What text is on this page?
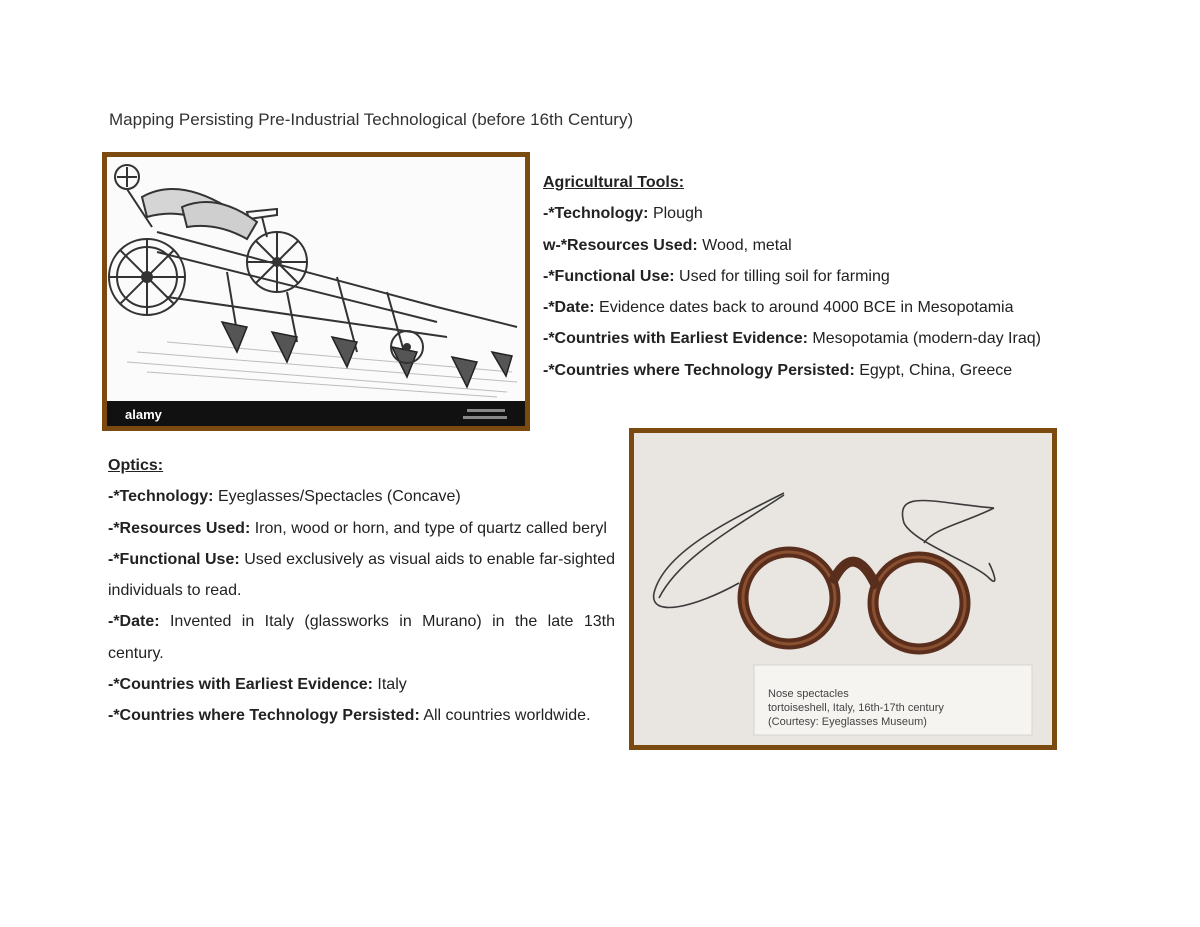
Mapping Persisting Pre-Industrial Technological (before 16th Century)
alamy

Agricultural Tools:

-*Technology: Plough

w-*Resources Used: Wood, metal

-*Functional Use: Used for tilling soil for farming

-*Date: Evidence dates back to around 4000 BCE in Mesopotamia

-*Countries with Earliest Evidence: Mesopotamia (modern-day Iraq)

-*Countries where Technology Persisted: Egypt, China, Greece

Nose spectacles
tortoiseshell, Italy, 16th-17th century
(Courtesy: Eyeglasses Museum)

Optics:

-*Technology: Eyeglasses/Spectacles (Concave)

-*Resources Used: Iron, wood or horn, and type of quartz called beryl

-*Functional Use: Used exclusively as visual aids to enable far-sighted individuals to read.

-*Date: Invented in Italy (glassworks in Murano) in the late 13th century.

-*Countries with Earliest Evidence: Italy

-*Countries where Technology Persisted: All countries worldwide.
